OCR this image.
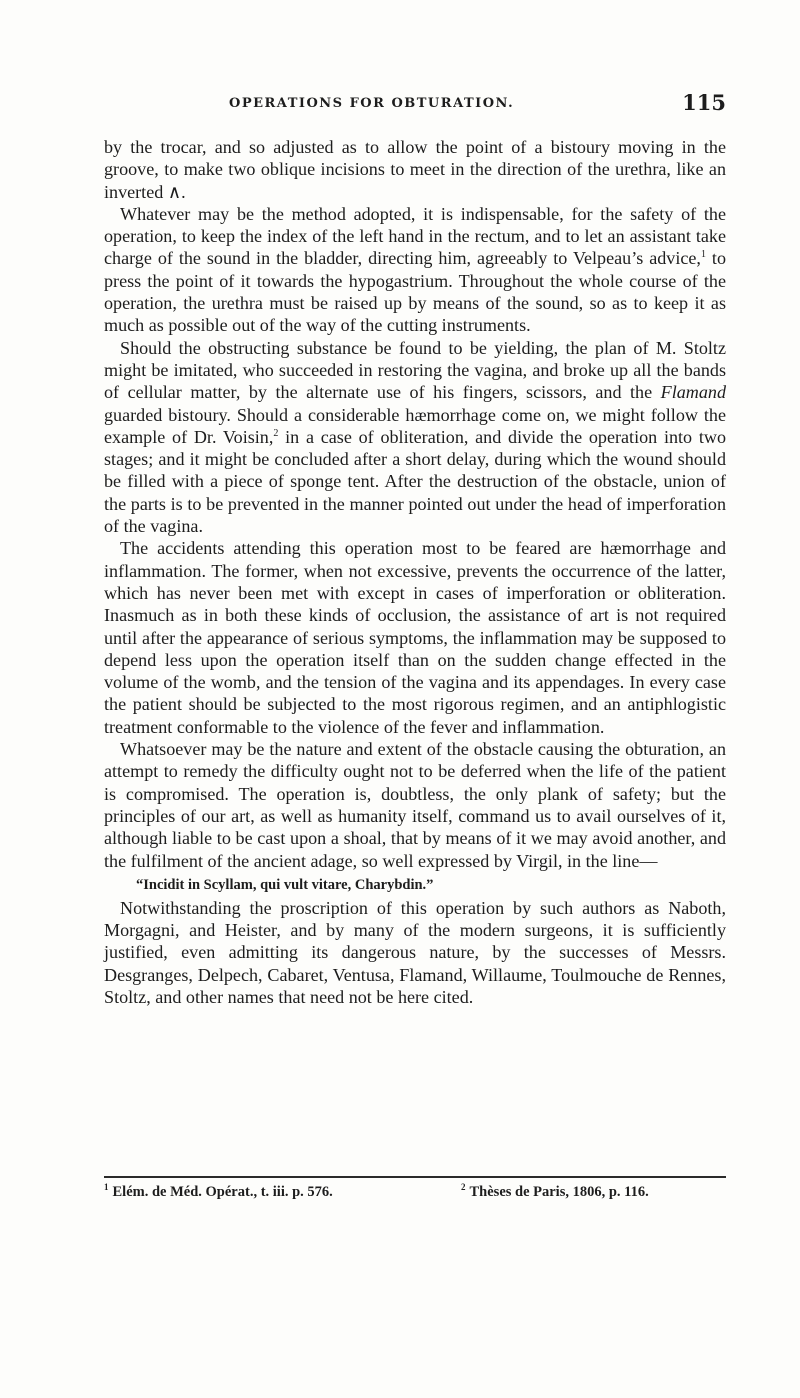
OPERATIONS FOR OBTURATION.	115

by the trocar, and so adjusted as to allow the point of a bistoury moving in the groove, to make two oblique incisions to meet in the direction of the urethra, like an inverted ∧.

Whatever may be the method adopted, it is indispensable, for the safety of the operation, to keep the index of the left hand in the rectum, and to let an assistant take charge of the sound in the bladder, directing him, agreeably to Velpeau’s advice,$^1$ to press the point of it towards the hypogastrium. Throughout the whole course of the operation, the urethra must be raised up by means of the sound, so as to keep it as much as possible out of the way of the cutting instruments.

Should the obstructing substance be found to be yielding, the plan of M. Stoltz might be imitated, who succeeded in restoring the vagina, and broke up all the bands of cellular matter, by the alternate use of his fingers, scissors, and the Flamand guarded bistoury. Should a considerable hæmorrhage come on, we might follow the example of Dr. Voisin,$^2$ in a case of obliteration, and divide the operation into two stages; and it might be concluded after a short delay, during which the wound should be filled with a piece of sponge tent. After the destruction of the obstacle, union of the parts is to be prevented in the manner pointed out under the head of imperforation of the vagina.

The accidents attending this operation most to be feared are hæmorrhage and inflammation. The former, when not excessive, prevents the occurrence of the latter, which has never been met with except in cases of imperforation or obliteration. Inasmuch as in both these kinds of occlusion, the assistance of art is not required until after the appearance of serious symptoms, the inflammation may be supposed to depend less upon the operation itself than on the sudden change effected in the volume of the womb, and the tension of the vagina and its appendages. In every case the patient should be subjected to the most rigorous regimen, and an antiphlogistic treatment conformable to the violence of the fever and inflammation.

Whatsoever may be the nature and extent of the obstacle causing the obturation, an attempt to remedy the difficulty ought not to be deferred when the life of the patient is compromised. The operation is, doubtless, the only plank of safety; but the principles of our art, as well as humanity itself, command us to avail ourselves of it, although liable to be cast upon a shoal, that by means of it we may avoid another, and the fulfilment of the ancient adage, so well expressed by Virgil, in the line—

“Incidit in Scyllam, qui vult vitare, Charybdin.”

Notwithstanding the proscription of this operation by such authors as Naboth, Morgagni, and Heister, and by many of the modern surgeons, it is sufficiently justified, even admitting its dangerous nature, by the successes of Messrs. Desgranges, Delpech, Cabaret, Ventusa, Flamand, Willaume, Toulmouche de Rennes, Stoltz, and other names that need not be here cited.

$^1$ Elém. de Méd. Opérat., t. iii. p. 576.	$^2$ Thèses de Paris, 1806, p. 116.
